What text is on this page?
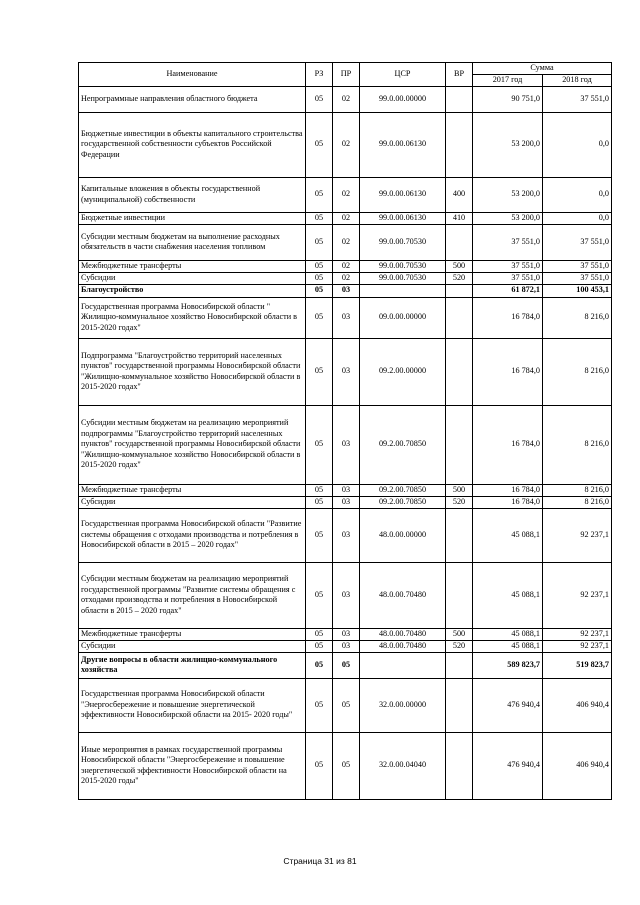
Наименование	РЗ	ПР	ЦСР	ВР	Сумма	
					2017 год	2018 год
Непрограммные направления областного бюджета	05	02	99.0.00.00000		90 751,0	37 551,0
Бюджетные инвестиции в объекты капитального строительства государственной собственности субъектов Российской Федерации	05	02	99.0.00.06130		53 200,0	0,0
Капитальные вложения в объекты государственной (муниципальной) собственности	05	02	99.0.00.06130	400	53 200,0	0,0
Бюджетные инвестиции	05	02	99.0.00.06130	410	53 200,0	0,0
Субсидии местным бюджетам на выполнение расходных обязательств в части снабжения населения топливом	05	02	99.0.00.70530		37 551,0	37 551,0
Межбюджетные трансферты	05	02	99.0.00.70530	500	37 551,0	37 551,0
Субсидии	05	02	99.0.00.70530	520	37 551,0	37 551,0
Благоустройство	05	03			61 872,1	100 453,1
Государственная программа Новосибирской области " Жилищно-коммунальное хозяйство Новосибирской области в 2015-2020 годах"	05	03	09.0.00.00000		16 784,0	8 216,0
Подпрограмма "Благоустройство территорий населенных пунктов" государственной программы Новосибирской области "Жилищно-коммунальное хозяйство Новосибирской области в 2015-2020 годах"	05	03	09.2.00.00000		16 784,0	8 216,0
Субсидии местным бюджетам на реализацию мероприятий подпрограммы "Благоустройство территорий населенных пунктов" государственной программы Новосибирской области "Жилищно-коммунальное хозяйство Новосибирской области в 2015-2020 годах"	05	03	09.2.00.70850		16 784,0	8 216,0
Межбюджетные трансферты	05	03	09.2.00.70850	500	16 784,0	8 216,0
Субсидии	05	03	09.2.00.70850	520	16 784,0	8 216,0
Государственная программа Новосибирской области "Развитие системы обращения с отходами производства и потребления в Новосибирской области в 2015 – 2020 годах"	05	03	48.0.00.00000		45 088,1	92 237,1
Субсидии местным бюджетам на реализацию мероприятий государственной программы "Развитие системы обращения с отходами производства и потребления в Новосибирской области в 2015 – 2020 годах"	05	03	48.0.00.70480		45 088,1	92 237,1
Межбюджетные трансферты	05	03	48.0.00.70480	500	45 088,1	92 237,1
Субсидии	05	03	48.0.00.70480	520	45 088,1	92 237,1
Другие вопросы в области жилищно-коммунального хозяйства	05	05			589 823,7	519 823,7
Государственная программа Новосибирской области "Энергосбережение и повышение энергетической эффективности Новосибирской области на 2015- 2020 годы"	05	05	32.0.00.00000		476 940,4	406 940,4
Иные мероприятия в рамках государственной программы Новосибирской области "Энергосбережение и повышение энергетической эффективности Новосибирской области на 2015-2020 годы"	05	05	32.0.00.04040		476 940,4	406 940,4
Страница 31 из 81
